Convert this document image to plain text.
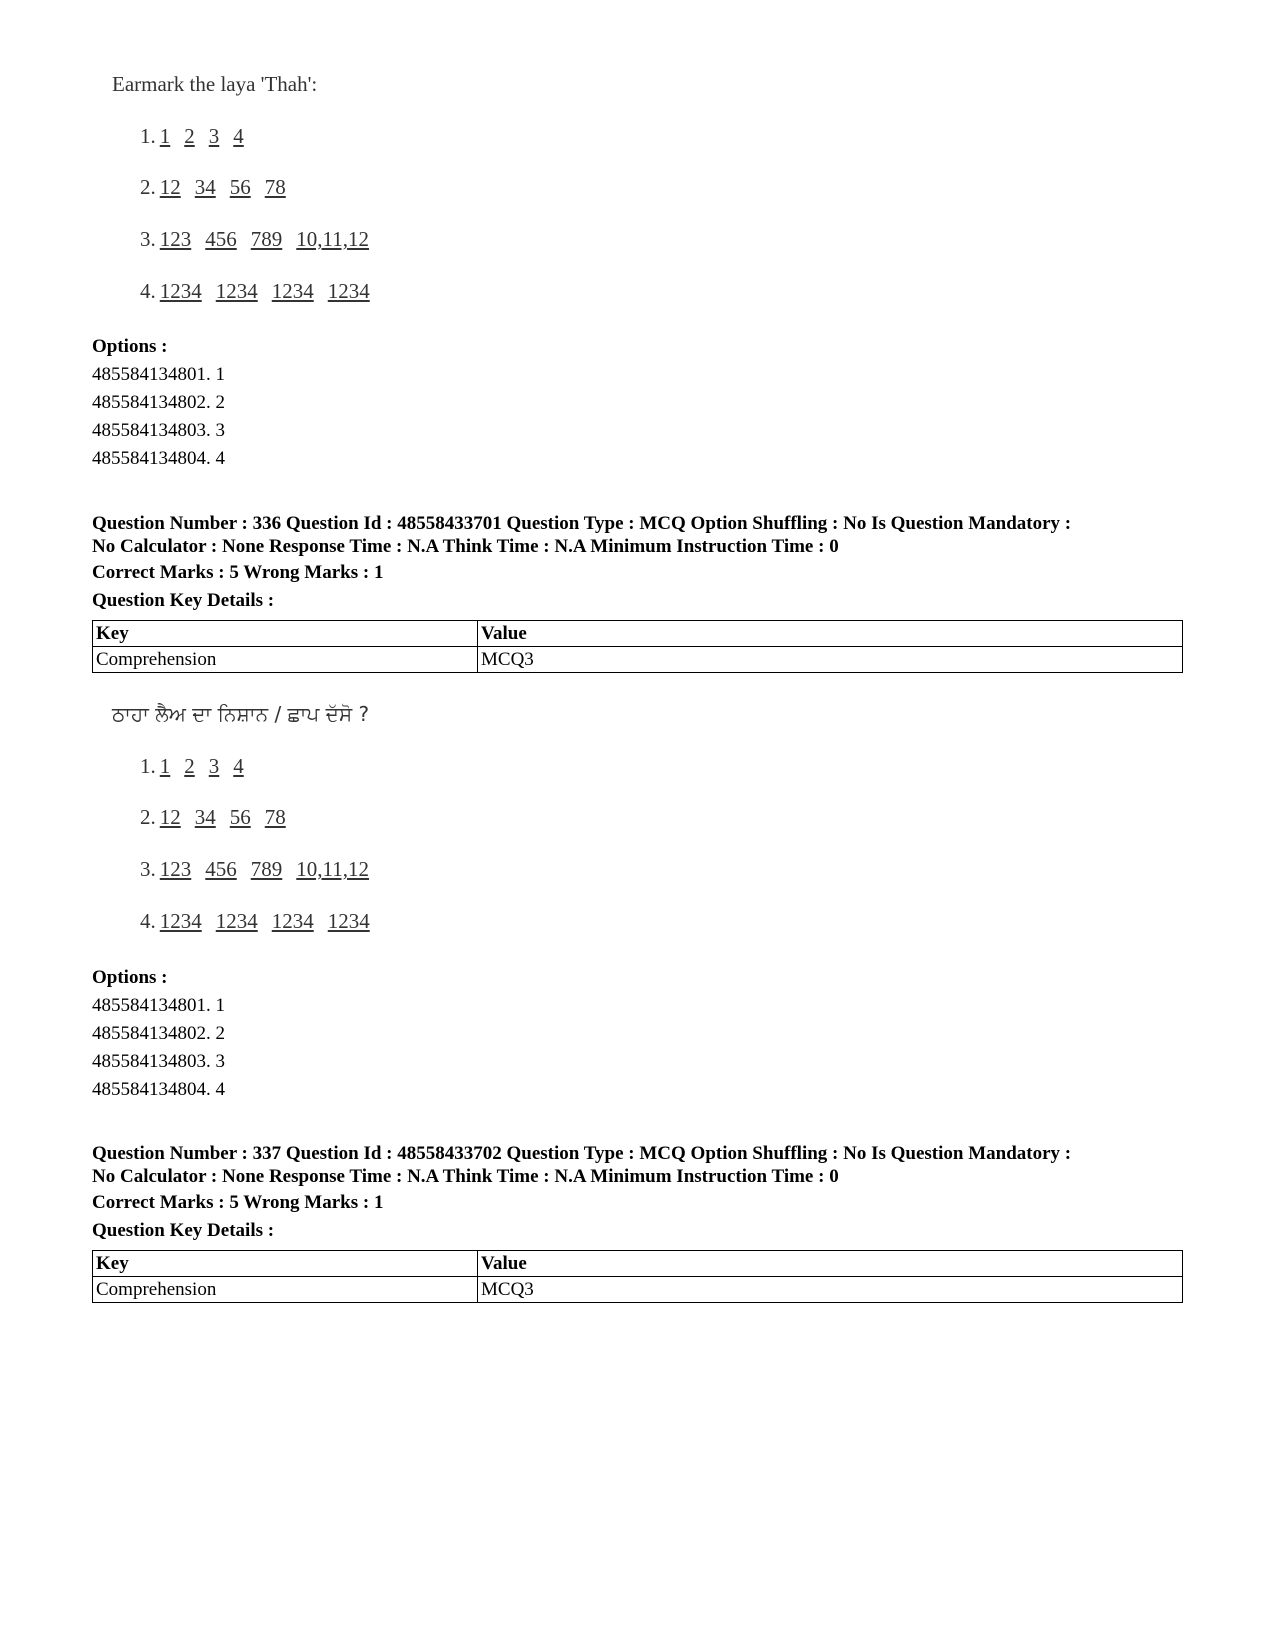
Earmark the laya 'Thah':
1. 1 2 3 4
2. 12 34 56 78
3. 123 456 789 10,11,12
4. 1234 1234 1234 1234
Options :
485584134801. 1
485584134802. 2
485584134803. 3
485584134804. 4
Question Number : 336 Question Id : 48558433701 Question Type : MCQ Option Shuffling : No Is Question Mandatory :
No Calculator : None Response Time : N.A Think Time : N.A Minimum Instruction Time : 0
Correct Marks : 5 Wrong Marks : 1
Question Key Details :
Key	Value
Comprehension	MCQ3
ਠਾਹਾ ਲੈਅ ਦਾ ਨਿਸ਼ਾਨ / ਛਾਪ ਦੱਸੋ ?
1. 1 2 3 4
2. 12 34 56 78
3. 123 456 789 10,11,12
4. 1234 1234 1234 1234
Options :
485584134801. 1
485584134802. 2
485584134803. 3
485584134804. 4
Question Number : 337 Question Id : 48558433702 Question Type : MCQ Option Shuffling : No Is Question Mandatory :
No Calculator : None Response Time : N.A Think Time : N.A Minimum Instruction Time : 0
Correct Marks : 5 Wrong Marks : 1
Question Key Details :
Key	Value
Comprehension	MCQ3
